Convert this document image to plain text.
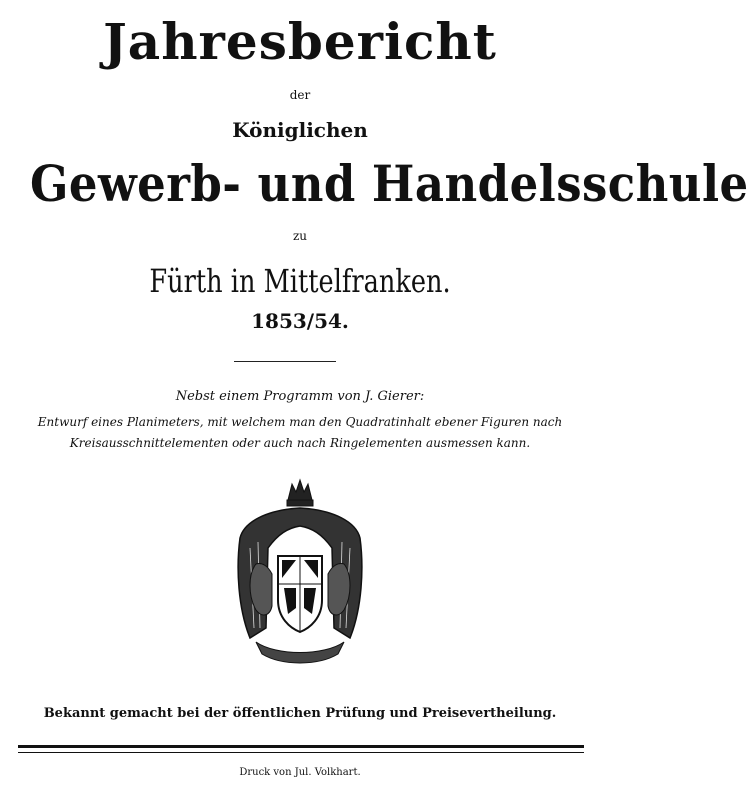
Jahresbericht
der
Königlichen
Gewerb- und Handelsschule
zu
Fürth in Mittelfranken.
1853/54.
Nebst einem Programm von J. Gierer:
Entwurf eines Planimeters, mit welchem man den Quadratinhalt ebener Figuren nach Kreisausschnittelementen oder auch nach Ringelementen ausmessen kann.
Bekannt gemacht bei der öffentlichen Prüfung und Preisevertheilung.
Druck von Jul. Volkhart.
